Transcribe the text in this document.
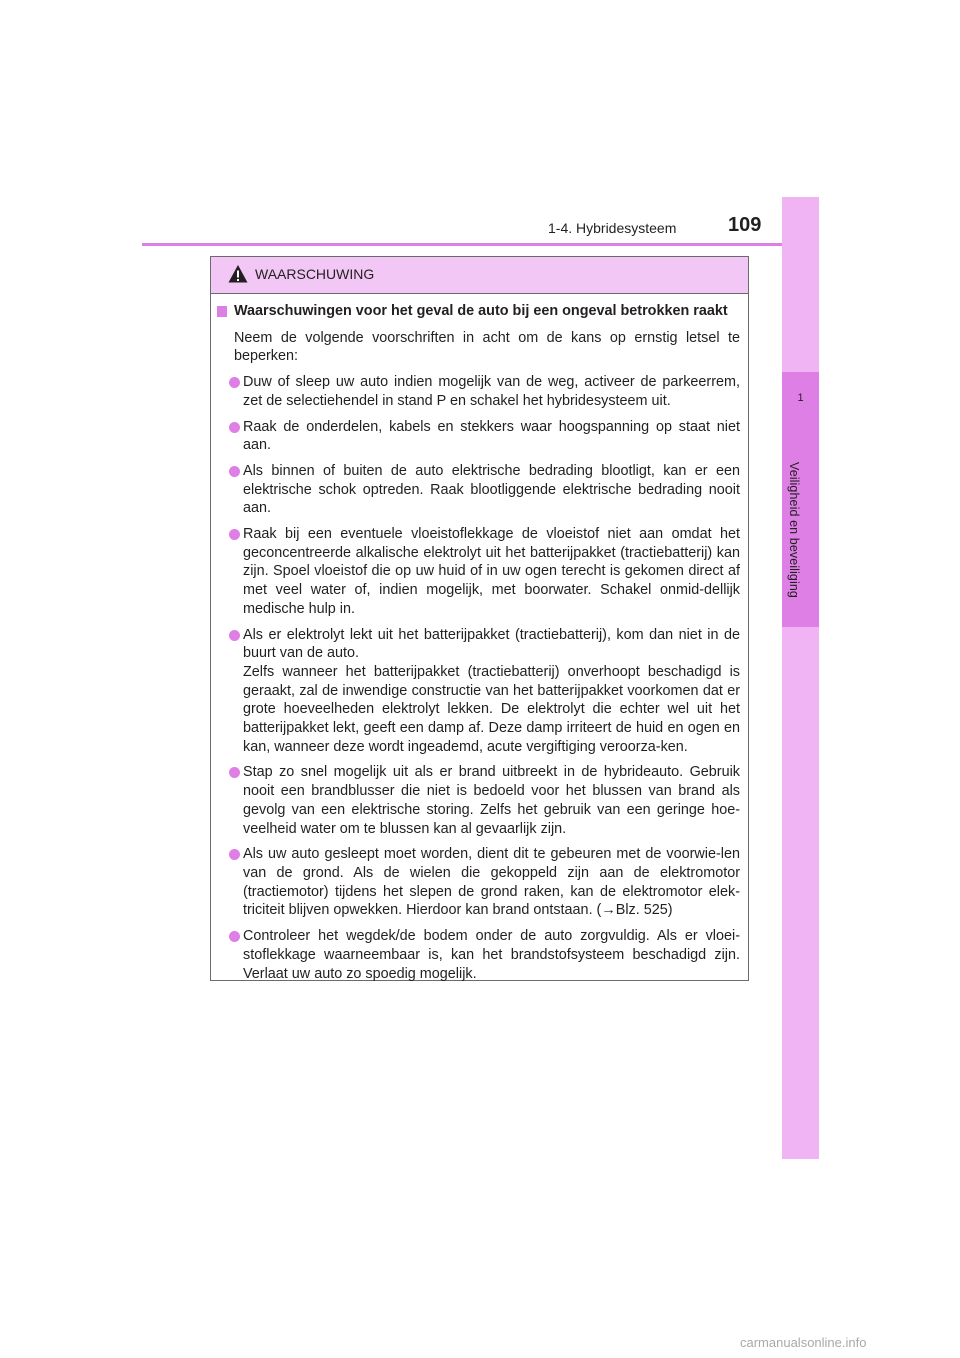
1-4. Hybridesysteem	109
1
Veiligheid en beveiliging
WAARSCHUWING
Waarschuwingen voor het geval de auto bij een ongeval betrokken raakt
Neem de volgende voorschriften in acht om de kans op ernstig letsel te beperken:
Duw of sleep uw auto indien mogelijk van de weg, activeer de parkeerrem, zet de selectiehendel in stand P en schakel het hybridesysteem uit.
Raak de onderdelen, kabels en stekkers waar hoogspanning op staat niet aan.
Als binnen of buiten de auto elektrische bedrading blootligt, kan er een elektrische schok optreden. Raak blootliggende elektrische bedrading nooit aan.
Raak bij een eventuele vloeistoflekkage de vloeistof niet aan omdat het geconcentreerde alkalische elektrolyt uit het batterijpakket (tractiebatterij) kan zijn. Spoel vloeistof die op uw huid of in uw ogen terecht is gekomen direct af met veel water of, indien mogelijk, met boorwater. Schakel onmid-dellijk medische hulp in.
Als er elektrolyt lekt uit het batterijpakket (tractiebatterij), kom dan niet in de buurt van de auto.
Zelfs wanneer het batterijpakket (tractiebatterij) onverhoopt beschadigd is geraakt, zal de inwendige constructie van het batterijpakket voorkomen dat er grote hoeveelheden elektrolyt lekken. De elektrolyt die echter wel uit het batterijpakket lekt, geeft een damp af. Deze damp irriteert de huid en ogen en kan, wanneer deze wordt ingeademd, acute vergiftiging veroorza-ken.
Stap zo snel mogelijk uit als er brand uitbreekt in de hybrideauto. Gebruik nooit een brandblusser die niet is bedoeld voor het blussen van brand als gevolg van een elektrische storing. Zelfs het gebruik van een geringe hoe-veelheid water om te blussen kan al gevaarlijk zijn.
Als uw auto gesleept moet worden, dient dit te gebeuren met de voorwie-len van de grond. Als de wielen die gekoppeld zijn aan de elektromotor (tractiemotor) tijdens het slepen de grond raken, kan de elektromotor elek-triciteit blijven opwekken. Hierdoor kan brand ontstaan. (→Blz. 525)
Controleer het wegdek/de bodem onder de auto zorgvuldig. Als er vloei-stoflekkage waarneembaar is, kan het brandstofsysteem beschadigd zijn. Verlaat uw auto zo spoedig mogelijk.
carmanualsonline.info
